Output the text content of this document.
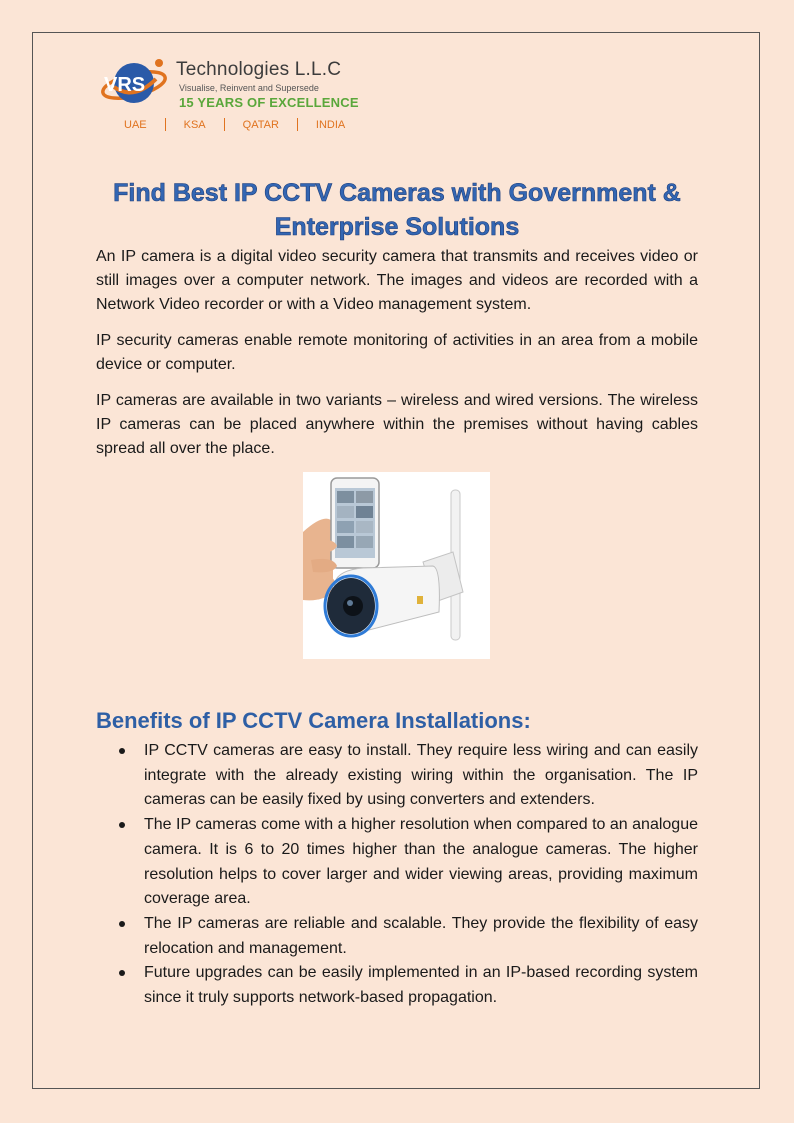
VRS
Technologies L.L.C
Visualise, Reinvent and Supersede
15 YEARS OF EXCELLENCE
UAE	KSA	QATAR	INDIA
Find Best IP CCTV Cameras with Government & Enterprise Solutions

An IP camera is a digital video security camera that transmits and receives video or still images over a computer network. The images and videos are recorded with a Network Video recorder or with a Video management system.

IP security cameras enable remote monitoring of activities in an area from a mobile device or computer.

IP cameras are available in two variants – wireless and wired versions. The wireless IP cameras can be placed anywhere within the premises without having cables spread all over the place.

Benefits of IP CCTV Camera Installations:
IP CCTV cameras are easy to install. They require less wiring and can easily integrate with the already existing wiring within the organisation. The IP cameras can be easily fixed by using converters and extenders.
The IP cameras come with a higher resolution when compared to an analogue camera. It is 6 to 20 times higher than the analogue cameras. The higher resolution helps to cover larger and wider viewing areas, providing maximum coverage area.
The IP cameras are reliable and scalable. They provide the flexibility of easy relocation and management.
Future upgrades can be easily implemented in an IP-based recording system since it truly supports network-based propagation.
